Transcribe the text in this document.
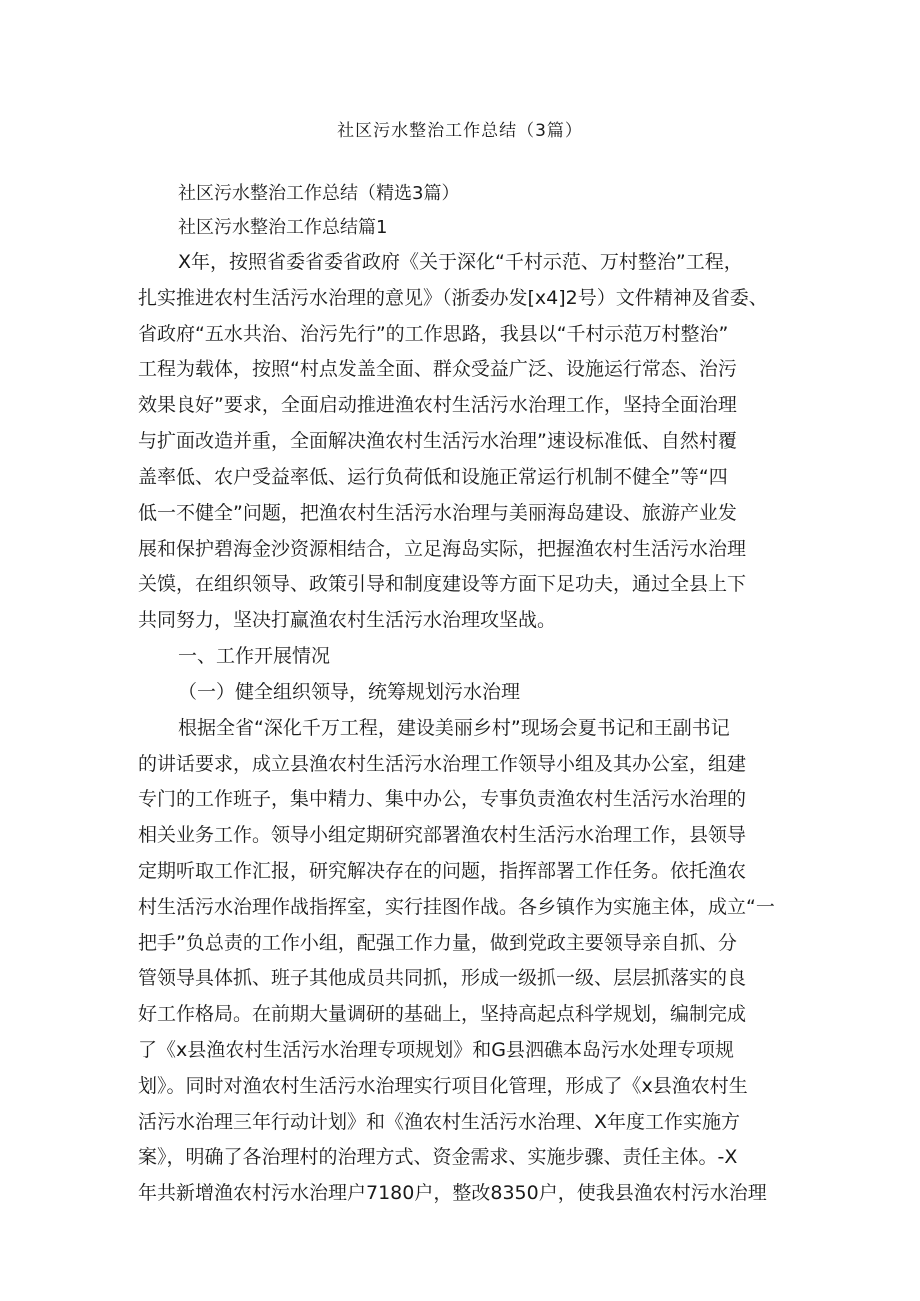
社区污水整治工作总结（3篇）
社区污水整治工作总结（精选3篇）
社区污水整治工作总结篇1
X年，按照省委省委省政府《关于深化“千村示范、万村整治”工程，
扎实推进农村生活污水治理的意见》（浙委办发[x4]2号）文件精神及省委、
省政府“五水共治、治污先行”的工作思路，我县以“千村示范万村整治”
工程为载体，按照“村点发盖全面、群众受益广泛、设施运行常态、治污
效果良好”要求，全面启动推进渔农村生活污水治理工作，坚持全面治理
与扩面改造并重，全面解决渔农村生活污水治理”速设标准低、自然村覆
盖率低、农户受益率低、运行负荷低和设施正常运行机制不健全”等“四
低一不健全”问题，把渔农村生活污水治理与美丽海岛建设、旅游产业发
展和保护碧海金沙资源相结合，立足海岛实际，把握渔农村生活污水治理
关馍，在组织领导、政策引导和制度建设等方面下足功夫，通过全县上下
共同努力，坚决打赢渔农村生活污水治理攻坚战。
一、工作开展情况
（一）健全组织领导，统筹规划污水治理
根据全省“深化千万工程，建设美丽乡村”现场会夏书记和王副书记
的讲话要求，成立县渔农村生活污水治理工作领导小组及其办公室，组建
专门的工作班子，集中精力、集中办公，专事负责渔农村生活污水治理的
相关业务工作。领导小组定期研究部署渔农村生活污水治理工作，县领导
定期听取工作汇报，研究解决存在的问题，指挥部署工作任务。依托渔农
村生活污水治理作战指挥室，实行挂图作战。各乡镇作为实施主体，成立“一
把手”负总责的工作小组，配强工作力量，做到党政主要领导亲自抓、分
管领导具体抓、班子其他成员共同抓，形成一级抓一级、层层抓落实的良
好工作格局。在前期大量调研的基础上，坚持高起点科学规划，编制完成
了《x县渔农村生活污水治理专项规划》和G县泗礁本岛污水处理专项规
划》。同时对渔农村生活污水治理实行项目化管理，形成了《x县渔农村生
活污水治理三年行动计划》和《渔农村生活污水治理、X年度工作实施方
案》，明确了各治理村的治理方式、资金需求、实施步骤、责任主体。-X
年共新增渔农村污水治理户7180户，整改8350户，使我县渔农村污水治理
